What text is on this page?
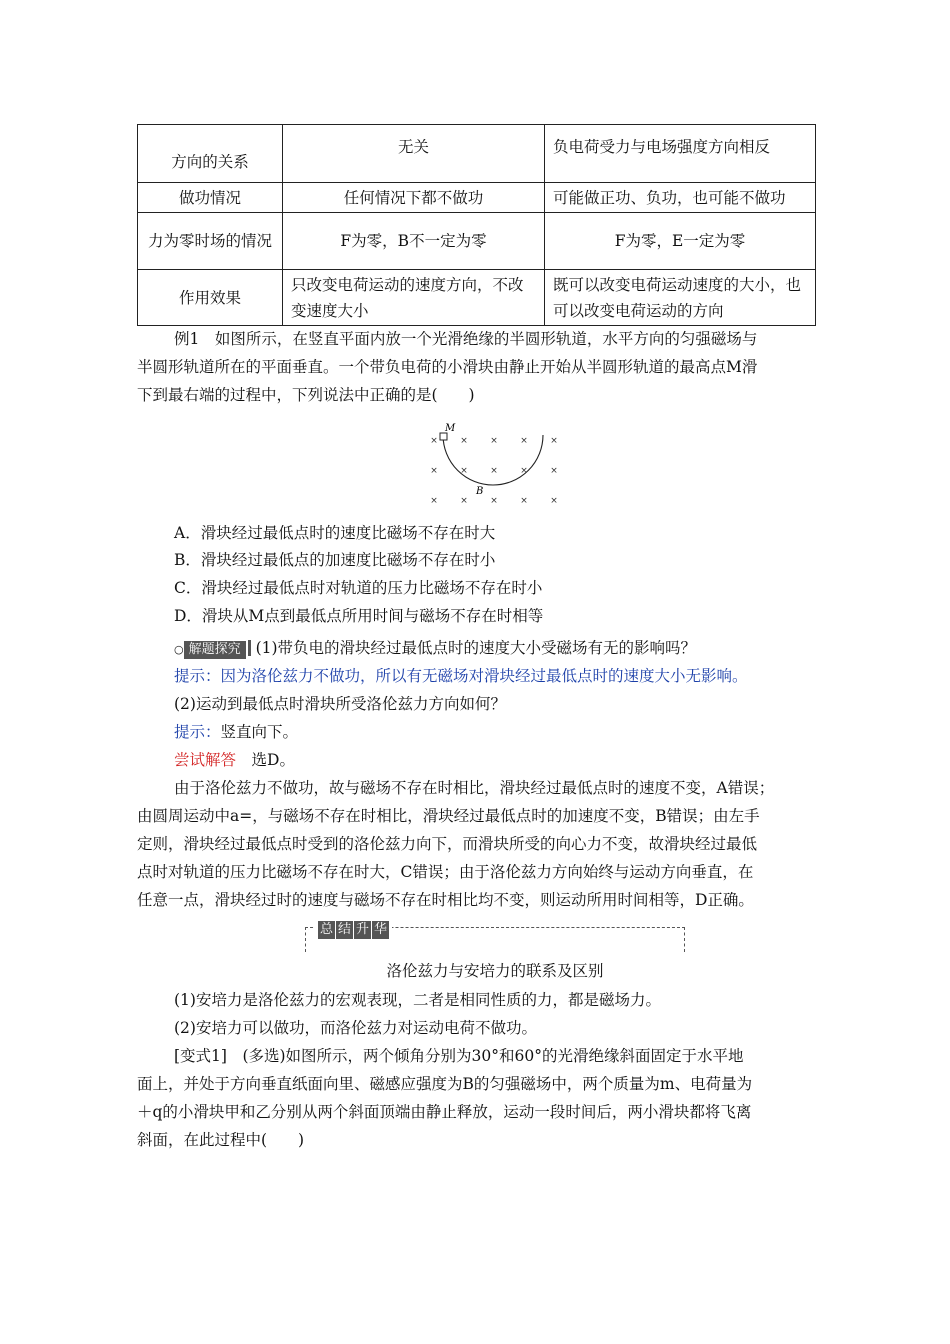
方向的关系	无关	负电荷受力与电场强度方向相反
做功情况	任何情况下都不做功	可能做正功、负功，也可能不做功
力为零时场的情况	F为零，B不一定为零	F为零，E一定为零
作用效果	只改变电荷运动的速度方向，不改变速度大小	既可以改变电荷运动速度的大小，也可以改变电荷运动的方向
例1　如图所示，在竖直平面内放一个光滑绝缘的半圆形轨道，水平方向的匀强磁场与
半圆形轨道所在的平面垂直。一个带负电荷的小滑块由静止开始从半圆形轨道的最高点M滑
下到最右端的过程中，下列说法中正确的是(　　)
× × × × ×
× × × × ×
× × × × ×
M
B
A．滑块经过最低点时的速度比磁场不存在时大
B．滑块经过最低点的加速度比磁场不存在时小
C．滑块经过最低点时对轨道的压力比磁场不存在时小
D．滑块从M点到最低点所用时间与磁场不存在时相等
○ 解题探究 (1)带负电的滑块经过最低点时的速度大小受磁场有无的影响吗？
提示：因为洛伦兹力不做功，所以有无磁场对滑块经过最低点时的速度大小无影响。
(2)运动到最低点时滑块所受洛伦兹力方向如何？
提示：竖直向下。
尝试解答　 选D。
由于洛伦兹力不做功，故与磁场不存在时相比，滑块经过最低点时的速度不变，A错误；
由圆周运动中a=，与磁场不存在时相比，滑块经过最低点时的加速度不变，B错误；由左手
定则，滑块经过最低点时受到的洛伦兹力向下，而滑块所受的向心力不变，故滑块经过最低
点时对轨道的压力比磁场不存在时大，C错误；由于洛伦兹力方向始终与运动方向垂直，在
任意一点，滑块经过时的速度与磁场不存在时相比均不变，则运动所用时间相等，D正确。
总 结 升 华
洛伦兹力与安培力的联系及区别
(1)安培力是洛伦兹力的宏观表现，二者是相同性质的力，都是磁场力。
(2)安培力可以做功，而洛伦兹力对运动电荷不做功。
[变式1]　(多选)如图所示，两个倾角分别为30°和60°的光滑绝缘斜面固定于水平地
面上，并处于方向垂直纸面向里、磁感应强度为B的匀强磁场中，两个质量为m、电荷量为
＋q的小滑块甲和乙分别从两个斜面顶端由静止释放，运动一段时间后，两小滑块都将飞离
斜面，在此过程中(　　)
